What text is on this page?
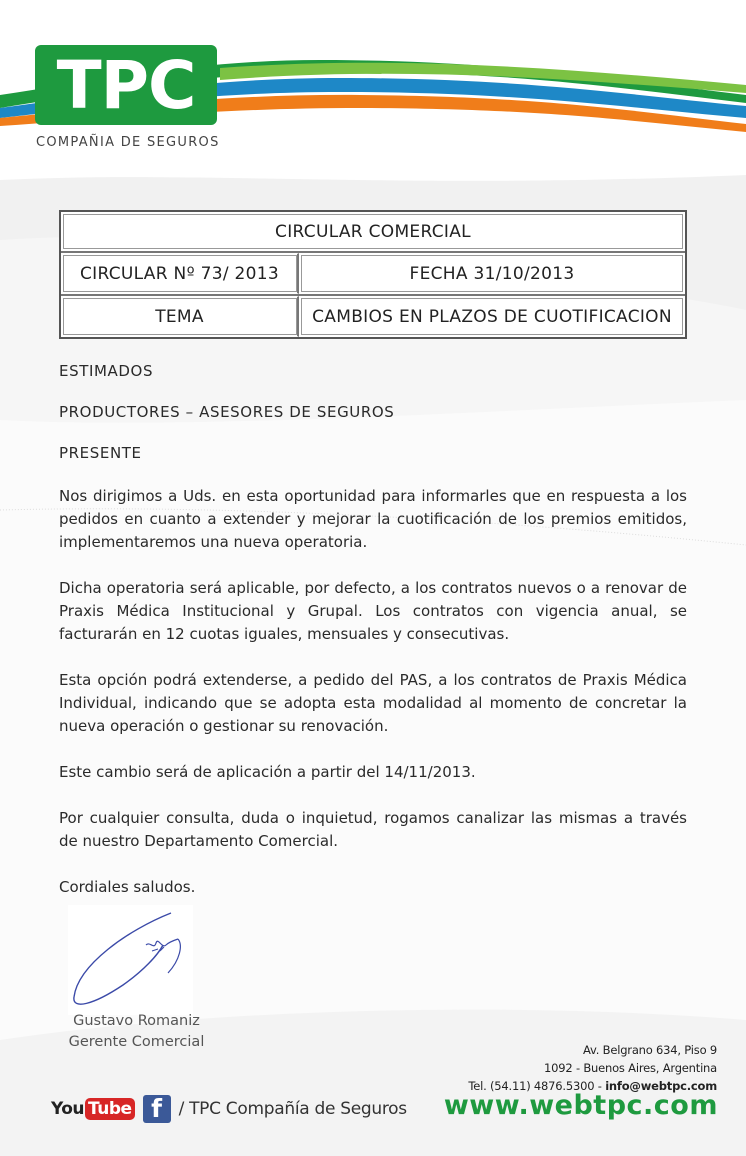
TPC
COMPAÑIA DE SEGUROS
CIRCULAR COMERCIAL
CIRCULAR Nº 73/ 2013	FECHA 31/10/2013
TEMA	CAMBIOS EN PLAZOS DE CUOTIFICACION
ESTIMADOS
PRODUCTORES – ASESORES DE SEGUROS
PRESENTE

Nos dirigimos a Uds. en esta oportunidad para informarles que en respuesta a los pedidos en cuanto a extender y mejorar la cuotificación de los premios emitidos, implementaremos una nueva operatoria.

Dicha operatoria será aplicable, por defecto, a los contratos nuevos o a renovar de Praxis Médica Institucional y Grupal. Los contratos con vigencia anual, se facturarán en 12 cuotas iguales, mensuales y consecutivas.

Esta opción podrá extenderse, a pedido del PAS, a los contratos de Praxis Médica Individual, indicando que se adopta esta modalidad al momento de concretar la nueva operación o gestionar su renovación.

Este cambio será de aplicación a partir del 14/11/2013.

Por cualquier consulta, duda o inquietud, rogamos canalizar las mismas a través de nuestro Departamento Comercial.

Cordiales saludos.

Gustavo Romaniz
Gerente Comercial	Av. Belgrano 634, Piso 9
1092 - Buenos Aires, Argentina
Tel. (54.11) 4876.5300 - info@webtpc.com
www.webtpc.com
You Tube f / TPC Compañía de Seguros
